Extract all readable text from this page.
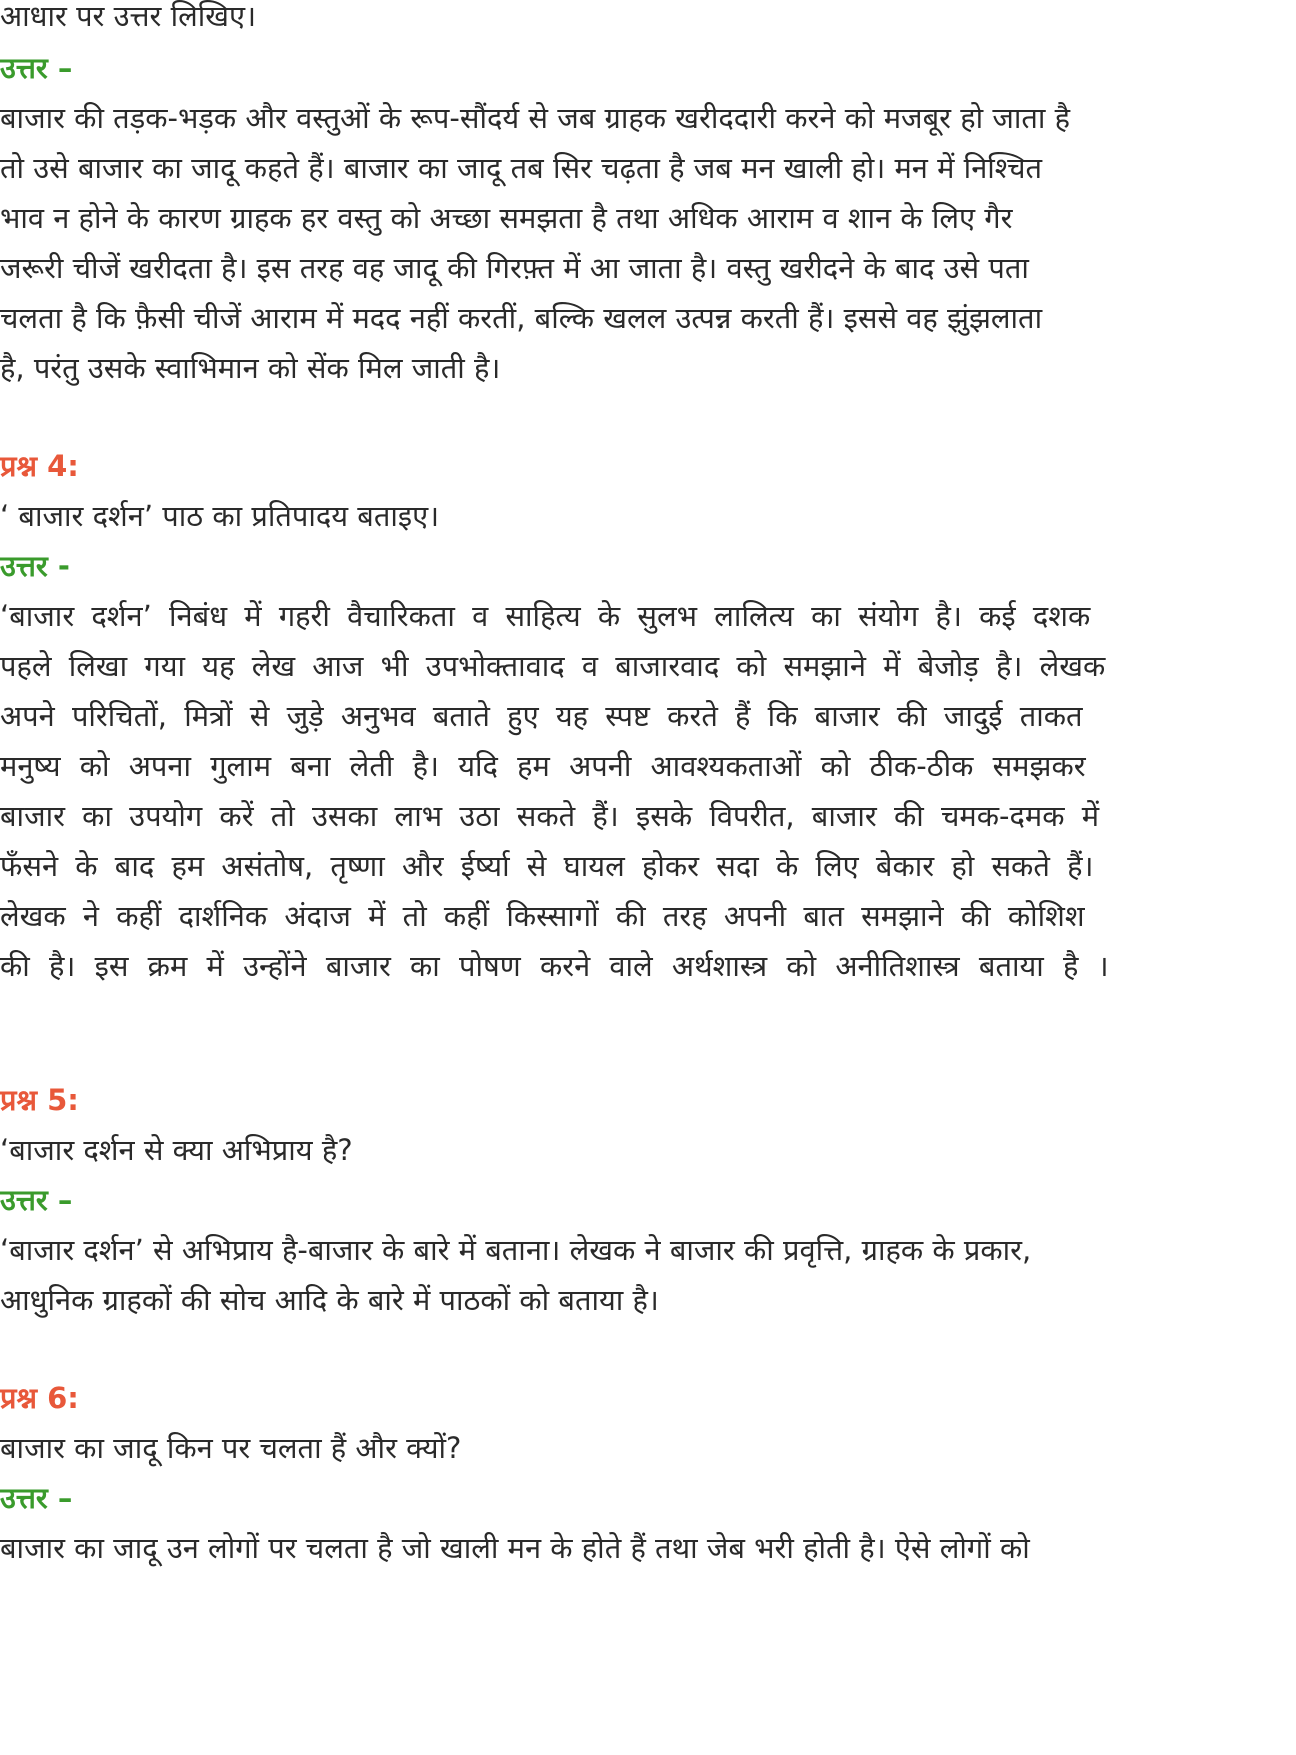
आधार पर उत्तर लिखिए।

उत्तर –

बाजार की तड़क-भड़क और वस्तुओं के रूप-सौंदर्य से जब ग्राहक खरीददारी करने को मजबूर हो जाता है

तो उसे बाजार का जादू कहते हैं। बाजार का जादू तब सिर चढ़ता है जब मन खाली हो। मन में निश्चित

भाव न होने के कारण ग्राहक हर वस्तु को अच्छा समझता है तथा अधिक आराम व शान के लिए गैर

जरूरी चीजें खरीदता है। इस तरह वह जादू की गिरफ़्त में आ जाता है। वस्तु खरीदने के बाद उसे पता

चलता है कि फ़ैसी चीजें आराम में मदद नहीं करतीं, बल्कि खलल उत्पन्न करती हैं। इससे वह झुंझलाता

है, परंतु उसके स्वाभिमान को सेंक मिल जाती है।

प्रश्न 4:

‘ बाजार दर्शन’ पाठ का प्रतिपादय बताइए।

उत्तर -

‘बाजार दर्शन’ निबंध में गहरी वैचारिकता व साहित्य के सुलभ लालित्य का संयोग है। कई दशक

पहले लिखा गया यह लेख आज भी उपभोक्तावाद व बाजारवाद को समझाने में बेजोड़ है। लेखक

अपने परिचितों, मित्रों से जुड़े अनुभव बताते हुए यह स्पष्ट करते हैं कि बाजार की जादुई ताकत

मनुष्य को अपना गुलाम बना लेती है। यदि हम अपनी आवश्यकताओं को ठीक-ठीक समझकर

बाजार का उपयोग करें तो उसका लाभ उठा सकते हैं। इसके विपरीत, बाजार की चमक-दमक में

फँसने के बाद हम असंतोष, तृष्णा और ईर्ष्या से घायल होकर सदा के लिए बेकार हो सकते हैं।

लेखक ने कहीं दार्शनिक अंदाज में तो कहीं किस्सागों की तरह अपनी बात समझाने की कोशिश

की है। इस क्रम में उन्होंने बाजार का पोषण करने वाले अर्थशास्त्र को अनीतिशास्त्र बताया है ।

प्रश्न 5:

‘बाजार दर्शन से क्या अभिप्राय है?

उत्तर –

‘बाजार दर्शन’ से अभिप्राय है-बाजार के बारे में बताना। लेखक ने बाजार की प्रवृत्ति, ग्राहक के प्रकार,

आधुनिक ग्राहकों की सोच आदि के बारे में पाठकों को बताया है।

प्रश्न 6:

बाजार का जादू किन पर चलता हैं और क्यों?

उत्तर –

बाजार का जादू उन लोगों पर चलता है जो खाली मन के होते हैं तथा जेब भरी होती है। ऐसे लोगों को
